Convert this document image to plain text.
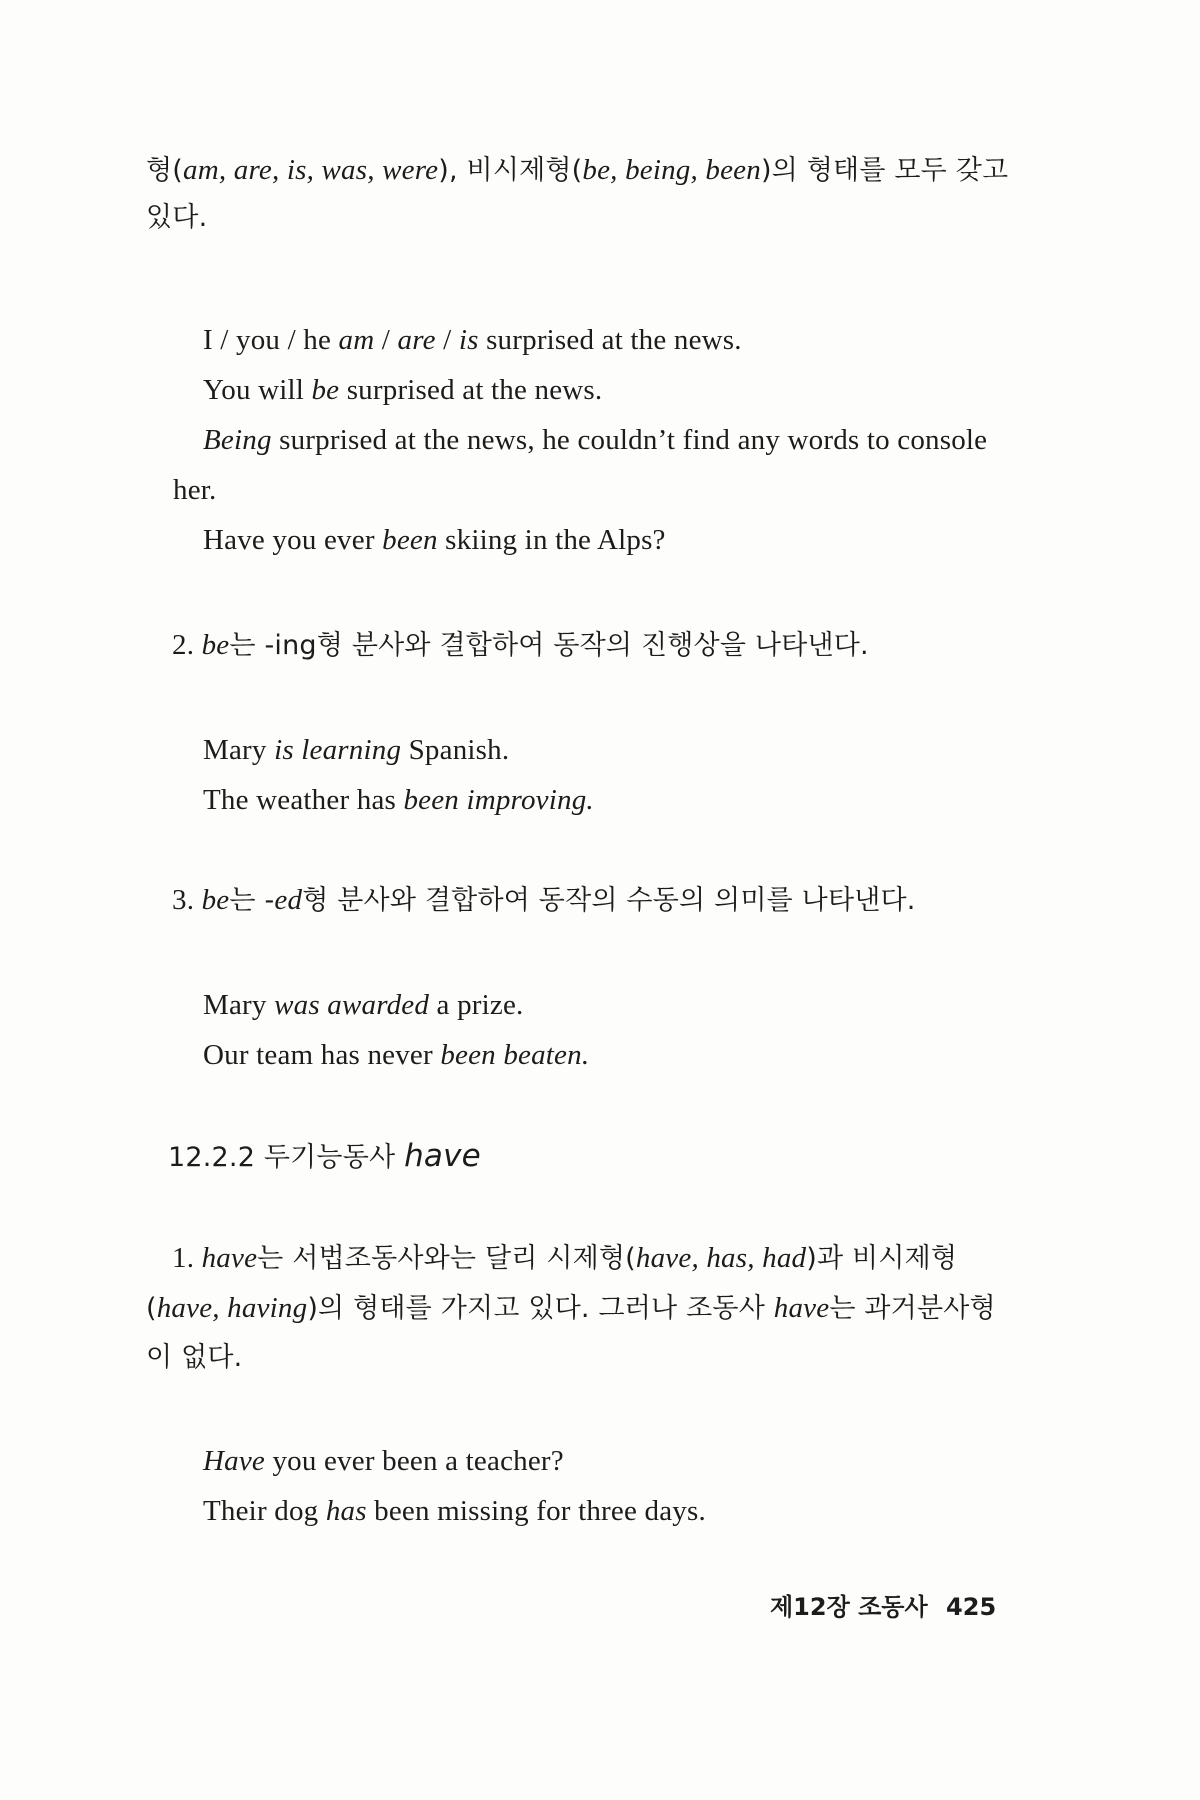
형(am, are, is, was, were), 비시제형(be, being, been)의 형태를 모두 갖고
있다.
I / you / he am / are / is surprised at the news.
You will be surprised at the news.
Being surprised at the news, he couldn’t find any words to console
her.
Have you ever been skiing in the Alps?
2. be는 -ing형 분사와 결합하여 동작의 진행상을 나타낸다.
Mary is learning Spanish.
The weather has been improving.
3. be는 -ed형 분사와 결합하여 동작의 수동의 의미를 나타낸다.
Mary was awarded a prize.
Our team has never been beaten.
12.2.2 두기능동사 have
1. have는 서법조동사와는 달리 시제형(have, has, had)과 비시제형
(have, having)의 형태를 가지고 있다. 그러나 조동사 have는 과거분사형
이 없다.
Have you ever been a teacher?
Their dog has been missing for three days.
제12장 조동사 425
